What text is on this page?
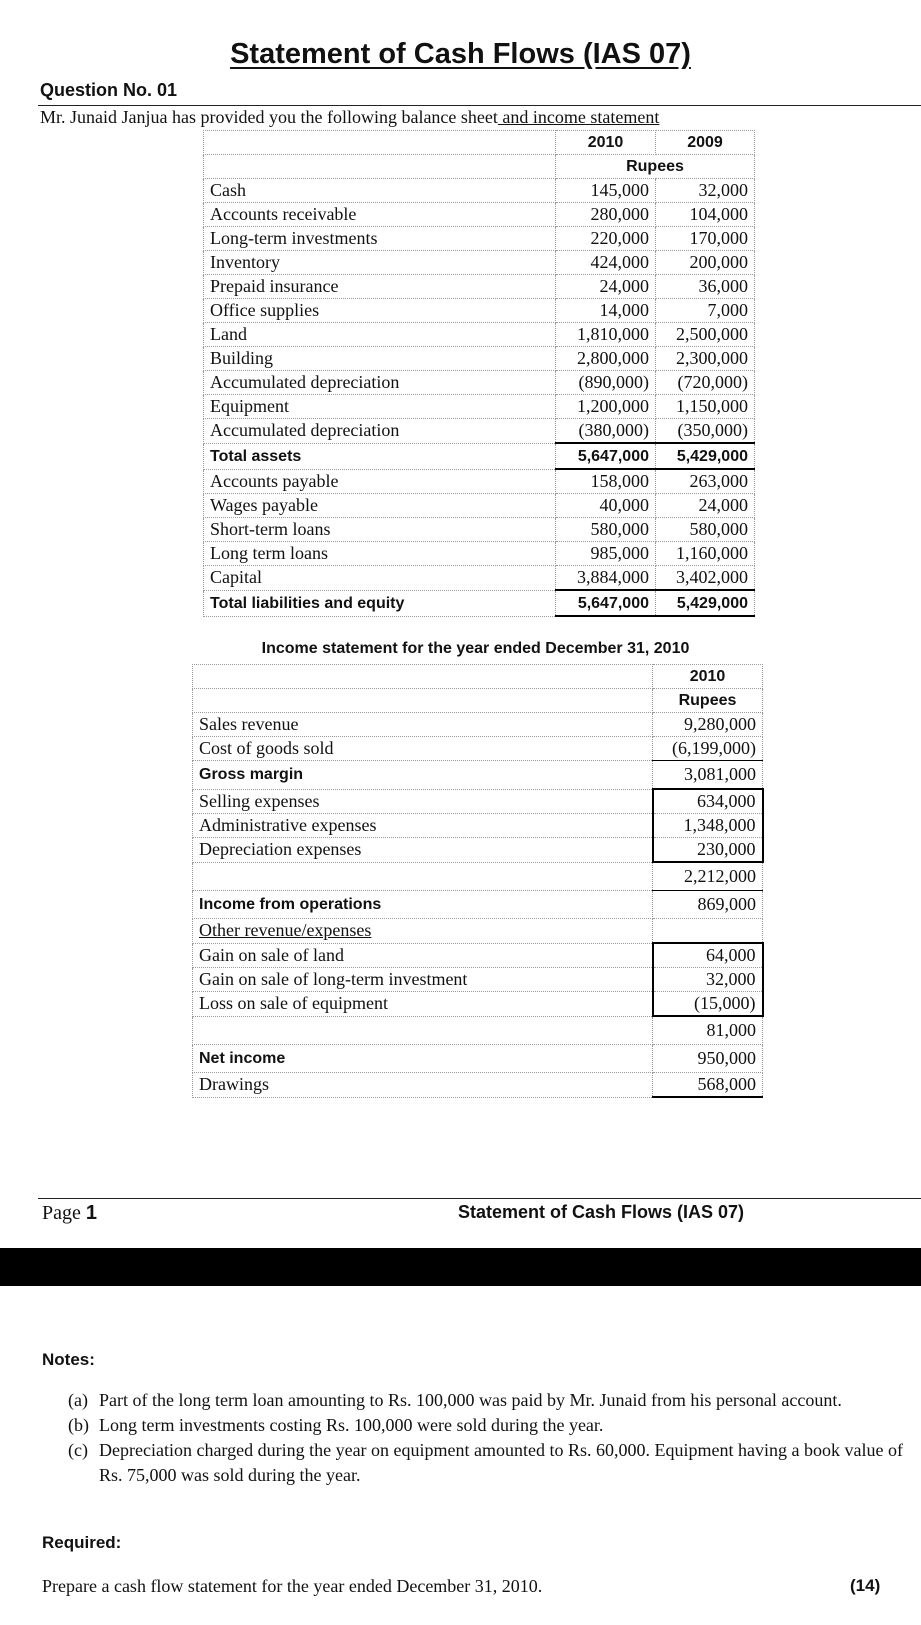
Statement of Cash Flows (IAS 07)
Question No. 01
Mr. Junaid Janjua has provided you the following balance sheet and income statement
	2010	2009
	Rupees	
Cash	145,000	32,000
Accounts receivable	280,000	104,000
Long-term investments	220,000	170,000
Inventory	424,000	200,000
Prepaid insurance	24,000	36,000
Office supplies	14,000	7,000
Land	1,810,000	2,500,000
Building	2,800,000	2,300,000
Accumulated depreciation	(890,000)	(720,000)
Equipment	1,200,000	1,150,000
Accumulated depreciation	(380,000)	(350,000)
Total assets	5,647,000	5,429,000
Accounts payable	158,000	263,000
Wages payable	40,000	24,000
Short-term loans	580,000	580,000
Long term loans	985,000	1,160,000
Capital	3,884,000	3,402,000
Total liabilities and equity	5,647,000	5,429,000
Income statement for the year ended December 31, 2010
	2010
	Rupees
Sales revenue	9,280,000
Cost of goods sold	(6,199,000)
Gross margin	3,081,000
Selling expenses	634,000
Administrative expenses	1,348,000
Depreciation expenses	230,000
	2,212,000
Income from operations	869,000
Other revenue/expenses	
Gain on sale of land	64,000
Gain on sale of long-term investment	32,000
Loss on sale of equipment	(15,000)
	81,000
Net income	950,000
Drawings	568,000
Page 1	Statement of Cash Flows (IAS 07)
Notes:
(a) Part of the long term loan amounting to Rs. 100,000 was paid by Mr. Junaid from his personal account.
(b) Long term investments costing Rs. 100,000 were sold during the year.
(c) Depreciation charged during the year on equipment amounted to Rs. 60,000. Equipment having a book value of Rs. 75,000 was sold during the year.
Required:
Prepare a cash flow statement for the year ended December 31, 2010.	(14)
